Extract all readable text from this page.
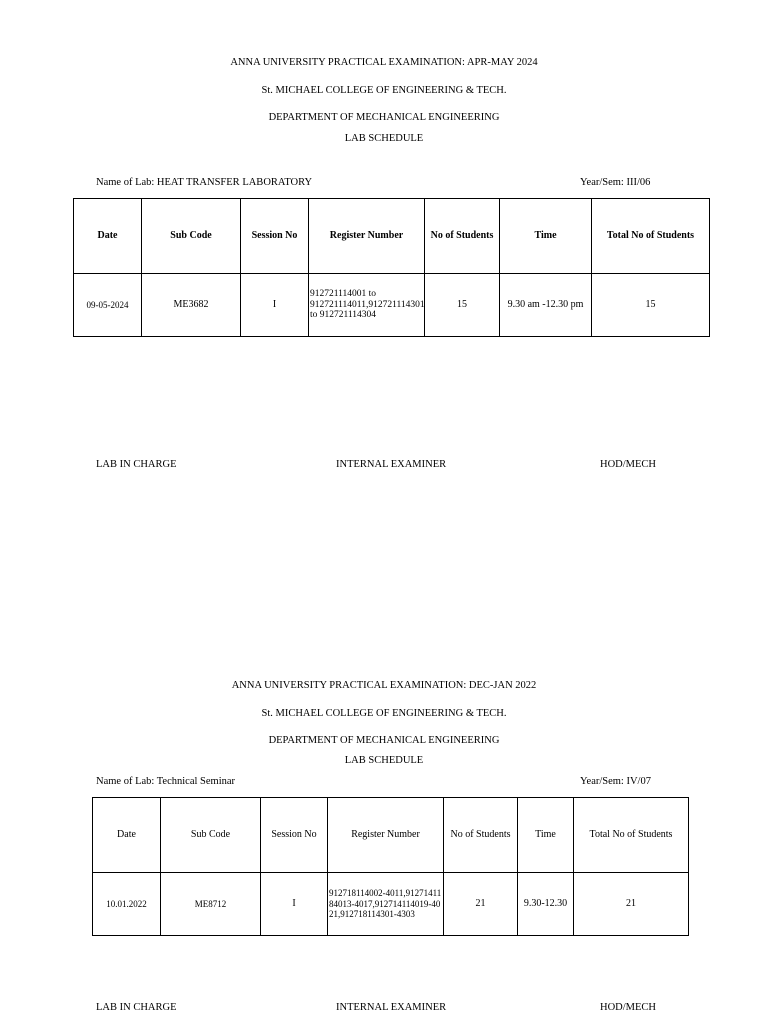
ANNA UNIVERSITY PRACTICAL EXAMINATION: APR-MAY 2024
St. MICHAEL COLLEGE OF ENGINEERING & TECH.
DEPARTMENT OF MECHANICAL ENGINEERING
LAB SCHEDULE
Name of Lab: HEAT TRANSFER LABORATORY	Year/Sem: III/06
Date	Sub Code	Session No	Register Number	No of Students	Time	Total No of Students
09-05-2024	ME3682	I	912721114001 to 912721114011,912721114301 to 912721114304	15	9.30 am -12.30 pm	15
LAB IN CHARGE	INTERNAL EXAMINER	HOD/MECH
ANNA UNIVERSITY PRACTICAL EXAMINATION: DEC-JAN 2022
St. MICHAEL COLLEGE OF ENGINEERING & TECH.
DEPARTMENT OF MECHANICAL ENGINEERING
LAB SCHEDULE
Name of Lab: Technical Seminar	Year/Sem: IV/07
Date	Sub Code	Session No	Register Number	No of Students	Time	Total No of Students
10.01.2022	ME8712	I	912718114002-4011,9127141184013-4017,912714114019-4021,912718114301-4303	21	9.30-12.30	21
LAB IN CHARGE	INTERNAL EXAMINER	HOD/MECH
